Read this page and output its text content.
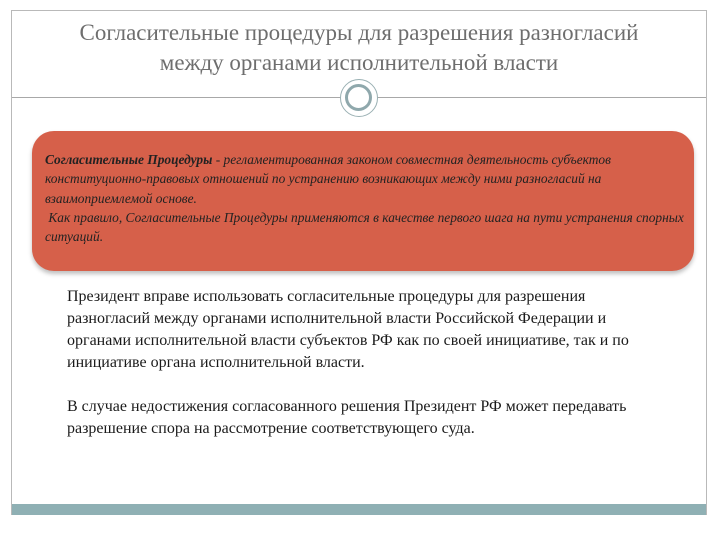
Согласительные процедуры для разрешения разногласий
между органами исполнительной власти

Согласительные Процедуры - регламентированная законом совместная деятельность субъектов конституционно-правовых отношений по устранению возникающих между ними разногласий на взаимоприемлемой основе.
Как правило, Согласительные Процедуры применяются в качестве первого шага на пути устранения спорных ситуаций.

Президент вправе использовать согласительные процедуры для разрешения разногласий между органами исполнительной власти Российской Федерации и органами исполнительной власти субъектов РФ как по своей инициативе, так и по инициативе органа исполнительной власти.

В случае недостижения согласованного решения Президент РФ может передавать разрешение спора на рассмотрение соответствующего суда.
